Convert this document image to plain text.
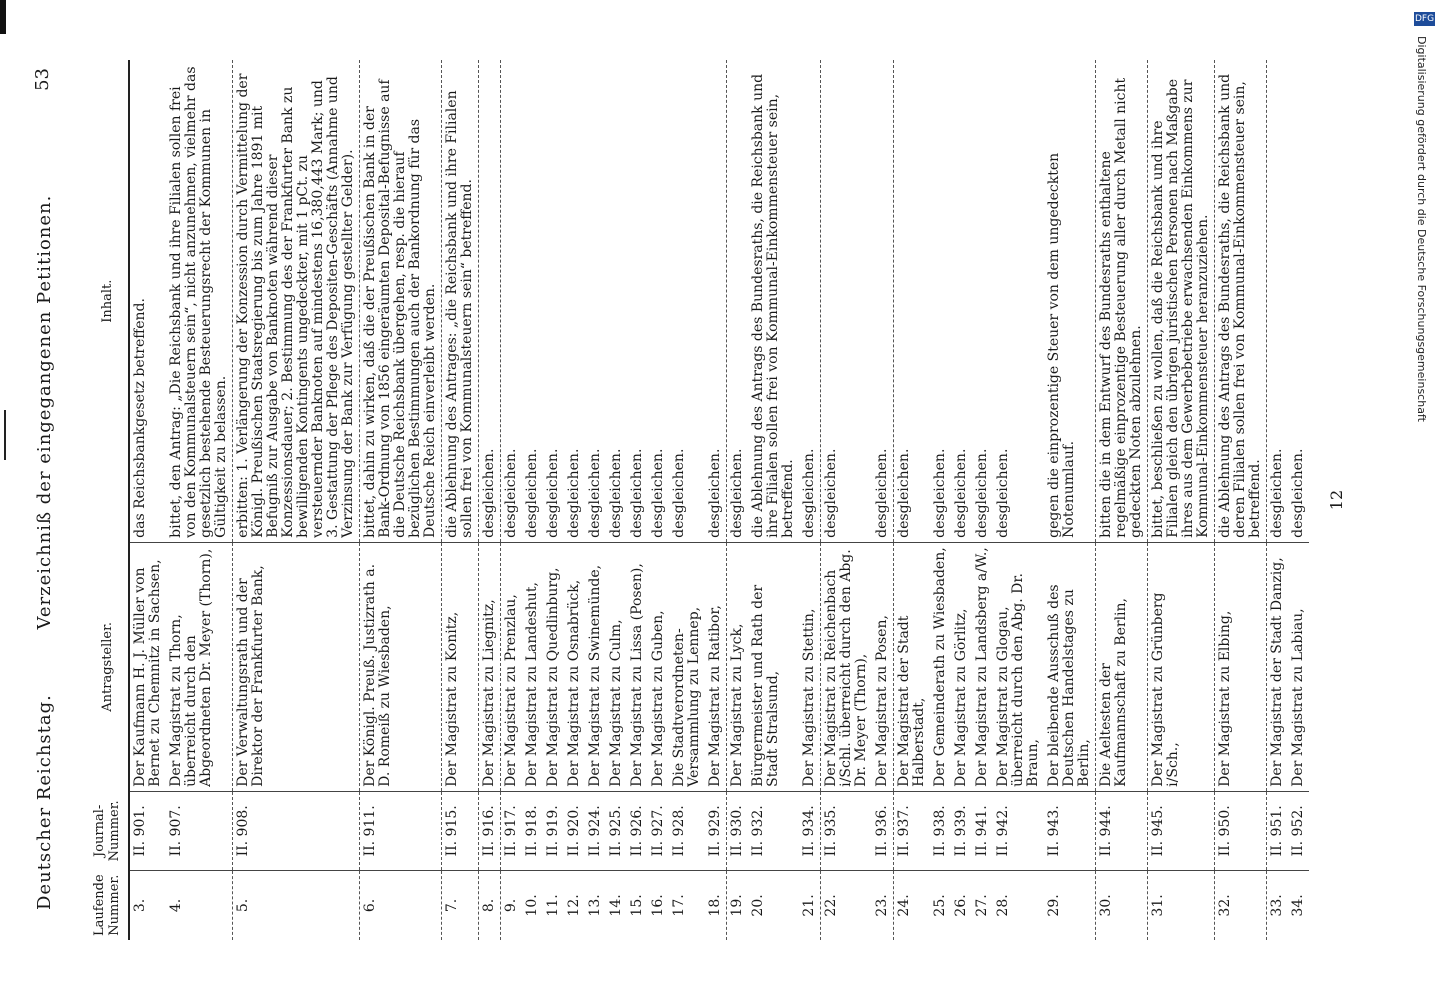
Deutscher Reichstag.
Verzeichniß der eingegangenen Petitionen.
53
Laufende Nummer.	Journal-Nummer.	Antragsteller.	Inhalt.
3.	II. 901.	Der Kaufmann H. J. Müller von Bernet zu Chemnitz in Sachsen,	das Reichsbankgesetz betreffend.
4.	II. 907.	Der Magistrat zu Thorn, überreicht durch den Abgeordneten Dr. Meyer (Thorn),	bittet, den Antrag: „Die Reichsbank und ihre Filialen sollen frei von den Kommunalsteuern sein“, nicht anzunehmen, vielmehr das gesetzlich bestehende Besteuerungsrecht der Kommunen in Gültigkeit zu belassen.
5.	II. 908.	Der Verwaltungsrath und der Direktor der Frankfurter Bank,	erbitten: 1. Verlängerung der Konzession durch Vermittelung der Königl. Preußischen Staatsregierung bis zum Jahre 1891 mit Befugniß zur Ausgabe von Banknoten während dieser Konzessionsdauer; 2. Bestimmung des der Frankfurter Bank zu bewilligenden Kontingents ungedeckter, mit 1 pCt. zu versteuernder Banknoten auf mindestens 16,380,443 Mark; und 3. Gestattung der Pflege des Depositen-Geschäfts (Annahme und Verzinsung der Bank zur Verfügung gestellter Gelder).
6.	II. 911.	Der Königl. Preuß. Justizrath a. D. Romeiß zu Wiesbaden,	bittet, dahin zu wirken, daß die der Preußischen Bank in der Bank-Ordnung von 1856 eingeräumten Deposital-Befugnisse auf die Deutsche Reichsbank übergehen, resp. die hierauf bezüglichen Bestimmungen auch der Bankordnung für das Deutsche Reich einverleibt werden.
7.	II. 915.	Der Magistrat zu Konitz,	die Ablehnung des Antrages: „die Reichsbank und ihre Filialen sollen frei von Kommunalsteuern sein“ betreffend.
8.	II. 916.	Der Magistrat zu Liegnitz,	desgleichen.
9.	II. 917.	Der Magistrat zu Prenzlau,	desgleichen.
10.	II. 918.	Der Magistrat zu Landeshut,	desgleichen.
11.	II. 919.	Der Magistrat zu Quedlinburg,	desgleichen.
12.	II. 920.	Der Magistrat zu Osnabrück,	desgleichen.
13.	II. 924.	Der Magistrat zu Swinemünde,	desgleichen.
14.	II. 925.	Der Magistrat zu Culm,	desgleichen.
15.	II. 926.	Der Magistrat zu Lissa (Posen),	desgleichen.
16.	II. 927.	Der Magistrat zu Guben,	desgleichen.
17.	II. 928.	Die Stadtverordneten-Versammlung zu Lennep,	desgleichen.
18.	II. 929.	Der Magistrat zu Ratibor,	desgleichen.
19.	II. 930.	Der Magistrat zu Lyck,	desgleichen.
20.	II. 932.	Bürgermeister und Rath der Stadt Stralsund,	die Ablehnung des Antrags des Bundesraths, die Reichsbank und ihre Filialen sollen frei von Kommunal-Einkommensteuer sein, betreffend.
21.	II. 934.	Der Magistrat zu Stettin,	desgleichen.
22.	II. 935.	Der Magistrat zu Reichenbach i/Schl. überreicht durch den Abg. Dr. Meyer (Thorn),	desgleichen.
23.	II. 936.	Der Magistrat zu Posen,	desgleichen.
24.	II. 937.	Der Magistrat der Stadt Halberstadt,	desgleichen.
25.	II. 938.	Der Gemeinderath zu Wiesbaden,	desgleichen.
26.	II. 939.	Der Magistrat zu Görlitz,	desgleichen.
27.	II. 941.	Der Magistrat zu Landsberg a/W.,	desgleichen.
28.	II. 942.	Der Magistrat zu Glogau, überreicht durch den Abg. Dr. Braun,	desgleichen.
29.	II. 943.	Der bleibende Ausschuß des Deutschen Handelstages zu Berlin,	gegen die einprozentige Steuer von dem ungedeckten Notenumlauf.
30.	II. 944.	Die Aeltesten der Kaufmannschaft zu Berlin,	bitten die in dem Entwurf des Bundesraths enthaltene regelmäßige einprozentige Besteuerung aller durch Metall nicht gedeckten Noten abzulehnen.
31.	II. 945.	Der Magistrat zu Grünberg i/Sch.,	bittet, beschließen zu wollen, daß die Reichsbank und ihre Filialen gleich den übrigen juristischen Personen nach Maßgabe ihres aus dem Gewerbebetriebe erwachsenden Einkommens zur Kommunal-Einkommensteuer heranzuziehen.
32.	II. 950.	Der Magistrat zu Elbing,	die Ablehnung des Antrags des Bundesraths, die Reichsbank und deren Filialen sollen frei von Kommunal-Einkommensteuer sein, betreffend.
33.	II. 951.	Der Magistrat der Stadt Danzig,	desgleichen.
34.	II. 952.	Der Magistrat zu Labiau,	desgleichen. 12
DFG
Digitalisierung gefördert durch die Deutsche Forschungsgemeinschaft
